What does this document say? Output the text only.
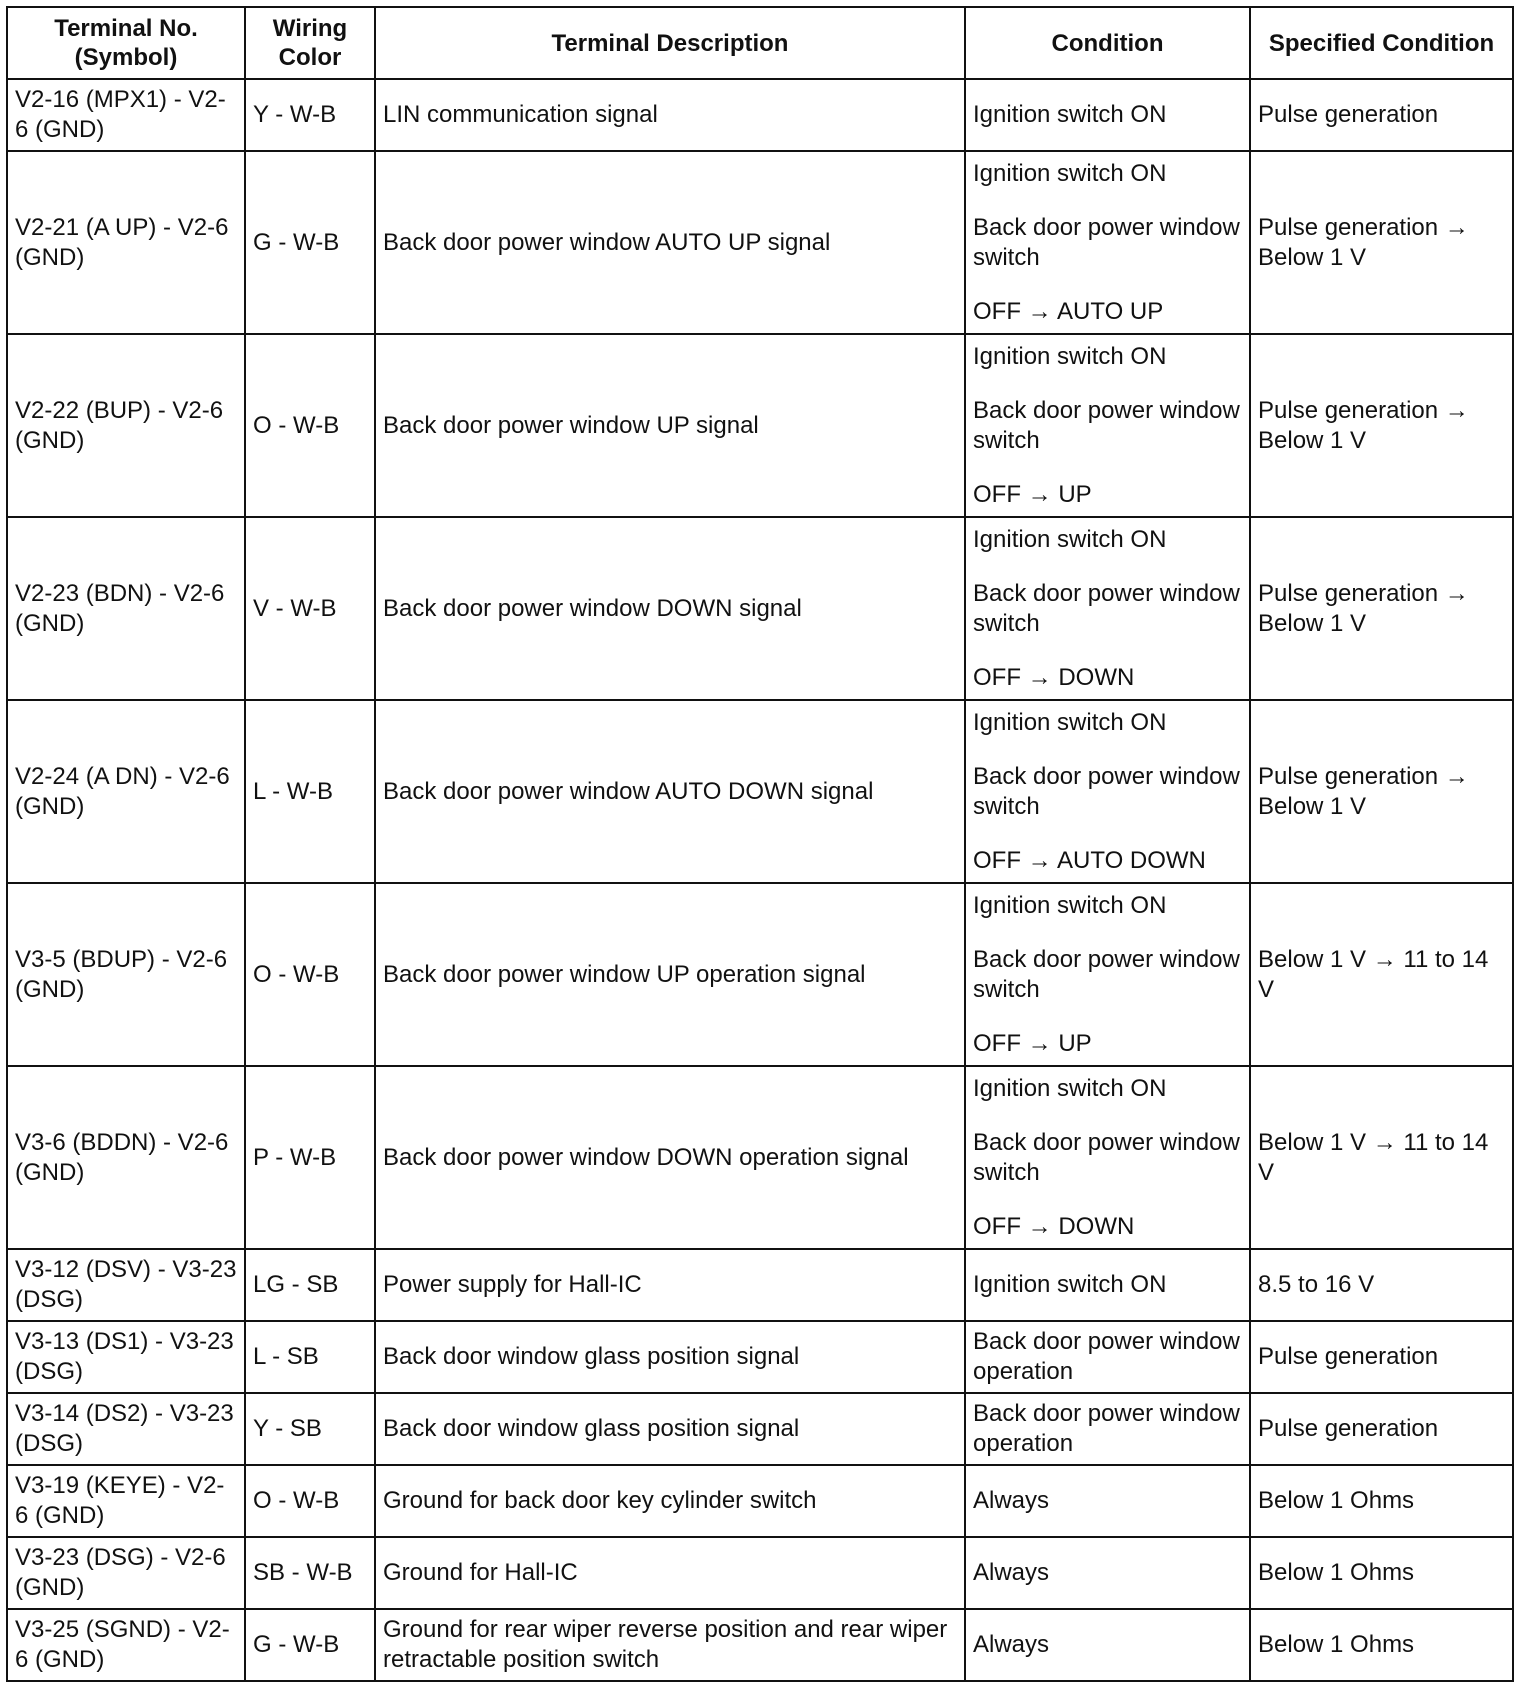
Terminal No. (Symbol)	Wiring Color	Terminal Description	Condition	Specified Condition
V2-16 (MPX1) - V2-6 (GND)	Y - W-B	LIN communication signal	Ignition switch ON	Pulse generation
V2-21 (A UP) - V2-6 (GND)	G - W-B	Back door power window AUTO UP signal	Ignition switch ON
Back door power window switch
OFF → AUTO UP	Pulse generation → Below 1 V
V2-22 (BUP) - V2-6 (GND)	O - W-B	Back door power window UP signal	Ignition switch ON
Back door power window switch
OFF → UP	Pulse generation → Below 1 V
V2-23 (BDN) - V2-6 (GND)	V - W-B	Back door power window DOWN signal	Ignition switch ON
Back door power window switch
OFF → DOWN	Pulse generation → Below 1 V
V2-24 (A DN) - V2-6 (GND)	L - W-B	Back door power window AUTO DOWN signal	Ignition switch ON
Back door power window switch
OFF → AUTO DOWN	Pulse generation → Below 1 V
V3-5 (BDUP) - V2-6 (GND)	O - W-B	Back door power window UP operation signal	Ignition switch ON
Back door power window switch
OFF → UP	Below 1 V → 11 to 14 V
V3-6 (BDDN) - V2-6 (GND)	P - W-B	Back door power window DOWN operation signal	Ignition switch ON
Back door power window switch
OFF → DOWN	Below 1 V → 11 to 14 V
V3-12 (DSV) - V3-23 (DSG)	LG - SB	Power supply for Hall-IC	Ignition switch ON	8.5 to 16 V
V3-13 (DS1) - V3-23 (DSG)	L - SB	Back door window glass position signal	Back door power window operation	Pulse generation
V3-14 (DS2) - V3-23 (DSG)	Y - SB	Back door window glass position signal	Back door power window operation	Pulse generation
V3-19 (KEYE) - V2-6 (GND)	O - W-B	Ground for back door key cylinder switch	Always	Below 1 Ohms
V3-23 (DSG) - V2-6 (GND)	SB - W-B	Ground for Hall-IC	Always	Below 1 Ohms
V3-25 (SGND) - V2-6 (GND)	G - W-B	Ground for rear wiper reverse position and rear wiper retractable position switch	Always	Below 1 Ohms
